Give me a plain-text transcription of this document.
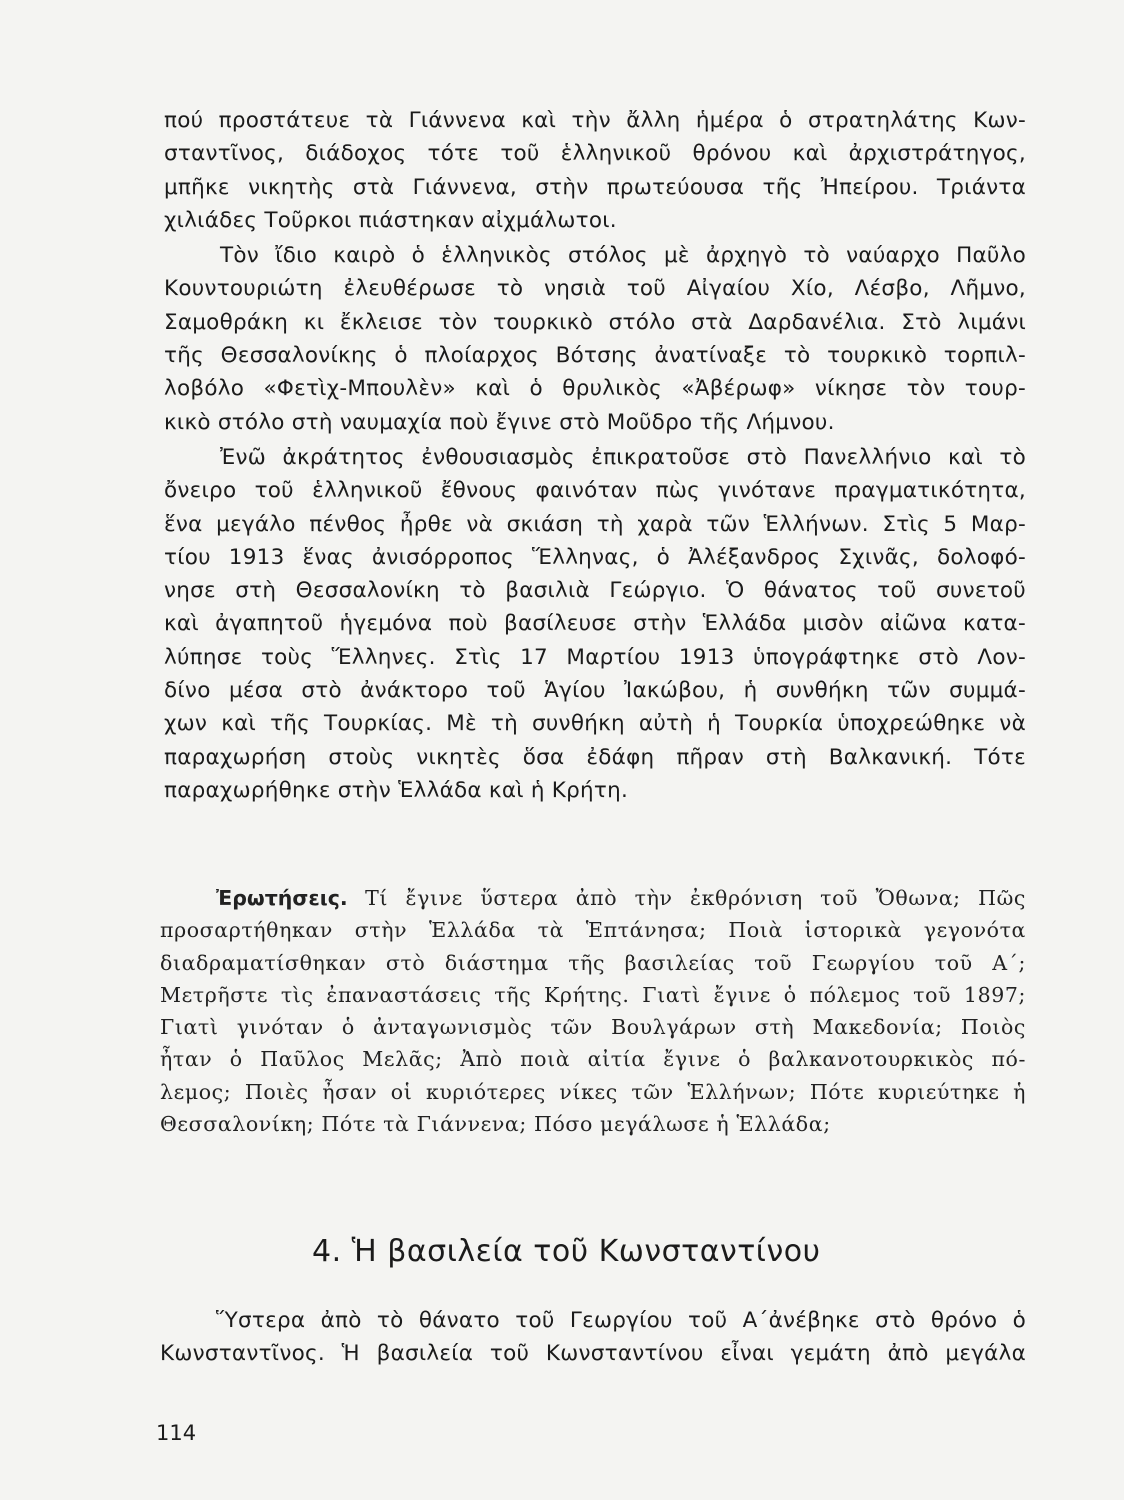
πού προστάτευε τὰ Γιάννενα καὶ τὴν ἄλλη ἡμέρα ὁ στρατηλάτης Κων-
σταντῖνος, διάδοχος τότε τοῦ ἑλληνικοῦ θρόνου καὶ ἀρχιστράτηγος,
μπῆκε νικητὴς στὰ Γιάννενα, στὴν πρωτεύουσα τῆς Ἠπείρου. Τριάντα
χιλιάδες Τοῦρκοι πιάστηκαν αἰχμάλωτοι.
Τὸν ἴδιο καιρὸ ὁ ἑλληνικὸς στόλος μὲ ἀρχηγὸ τὸ ναύαρχο Παῦλο
Κουντουριώτη ἐλευθέρωσε τὸ νησιὰ τοῦ Αἰγαίου Χίο, Λέσβο, Λῆμνο,
Σαμοθράκη κι ἔκλεισε τὸν τουρκικὸ στόλο στὰ Δαρδανέλια. Στὸ λιμάνι
τῆς Θεσσαλονίκης ὁ πλοίαρχος Βότσης ἀνατίναξε τὸ τουρκικὸ τορπιλ-
λοβόλο «Φετὶχ-Μπουλὲν» καὶ ὁ θρυλικὸς «Ἀβέρωφ» νίκησε τὸν τουρ-
κικὸ στόλο στὴ ναυμαχία ποὺ ἔγινε στὸ Μοῦδρο τῆς Λήμνου.
Ἐνῶ ἀκράτητος ἐνθουσιασμὸς ἐπικρατοῦσε στὸ Πανελλήνιο καὶ τὸ
ὄνειρο τοῦ ἑλληνικοῦ ἔθνους φαινόταν πὼς γινότανε πραγματικότητα,
ἕνα μεγάλο πένθος ἦρθε νὰ σκιάση τὴ χαρὰ τῶν Ἑλλήνων. Στὶς 5 Μαρ-
τίου 1913 ἕνας ἀνισόρροπος Ἕλληνας, ὁ Ἀλέξανδρος Σχινᾶς, δολοφό-
νησε στὴ Θεσσαλονίκη τὸ βασιλιὰ Γεώργιο. Ὁ θάνατος τοῦ συνετοῦ
καὶ ἀγαπητοῦ ἡγεμόνα ποὺ βασίλευσε στὴν Ἑλλάδα μισὸν αἰῶνα κατα-
λύπησε τοὺς Ἕλληνες. Στὶς 17 Μαρτίου 1913 ὑπογράφτηκε στὸ Λον-
δίνο μέσα στὸ ἀνάκτορο τοῦ Ἁγίου Ἰακώβου, ἡ συνθήκη τῶν συμμά-
χων καὶ τῆς Τουρκίας. Μὲ τὴ συνθήκη αὐτὴ ἡ Τουρκία ὑποχρεώθηκε νὰ
παραχωρήση στοὺς νικητὲς ὅσα ἐδάφη πῆραν στὴ Βαλκανική. Τότε
παραχωρήθηκε στὴν Ἑλλάδα καὶ ἡ Κρήτη.
Ἐρωτήσεις. Τί ἔγινε ὕστερα ἀπὸ τὴν ἐκθρόνιση τοῦ Ὄθωνα; Πῶς
προσαρτήθηκαν στὴν Ἑλλάδα τὰ Ἑπτάνησα; Ποιὰ ἱστορικὰ γεγονότα
διαδραματίσθηκαν στὸ διάστημα τῆς βασιλείας τοῦ Γεωργίου τοῦ Α΄;
Μετρῆστε τὶς ἐπαναστάσεις τῆς Κρήτης. Γιατὶ ἔγινε ὁ πόλεμος τοῦ 1897;
Γιατὶ γινόταν ὁ ἀνταγωνισμὸς τῶν Βουλγάρων στὴ Μακεδονία; Ποιὸς
ἦταν ὁ Παῦλος Μελᾶς; Ἀπὸ ποιὰ αἰτία ἔγινε ὁ βαλκανοτουρκικὸς πό-
λεμος; Ποιὲς ἦσαν οἱ κυριότερες νίκες τῶν Ἑλλήνων; Πότε κυριεύτηκε ἡ
Θεσσαλονίκη; Πότε τὰ Γιάννενα; Πόσο μεγάλωσε ἡ Ἑλλάδα;
4. Ἡ βασιλεία τοῦ Κωνσταντίνου
Ὕστερα ἀπὸ τὸ θάνατο τοῦ Γεωργίου τοῦ Α΄ἀνέβηκε στὸ θρόνο ὁ
Κωνσταντῖνος. Ἡ βασιλεία τοῦ Κωνσταντίνου εἶναι γεμάτη ἀπὸ μεγάλα
114
